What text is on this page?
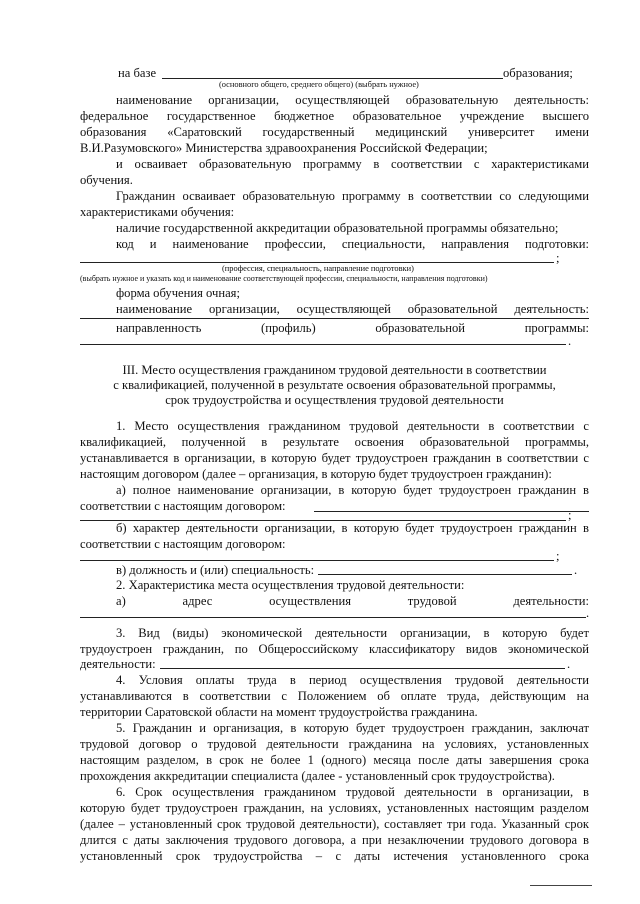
на базе	образования;
(основного общего, среднего общего) (выбрать нужное)
наименование организации, осуществляющей образовательную деятельность:
федеральное государственное бюджетное образовательное учреждение высшего
образования «Саратовский государственный медицинский университет имени
В.И.Разумовского» Министерства здравоохранения Российской Федерации;
и осваивает образовательную программу в соответствии с характеристиками
обучения.
Гражданин осваивает образовательную программу в соответствии со следующими
характеристиками обучения:
наличие государственной аккредитации образовательной программы обязательно;
код и наименование профессии, специальности, направления подготовки:
;
(профессия, специальность, направление подготовки)
(выбрать нужное и указать код и наименование соответствующей профессии, специальности, направления подготовки)
форма обучения очная;
наименование организации, осуществляющей образовательной деятельность:
направленность	(профиль)	образовательной	программы:
.
III. Место осуществления гражданином трудовой деятельности в соответствии
с квалификацией, полученной в результате освоения образовательной программы,
срок трудоустройства и осуществления трудовой деятельности
1. Место осуществления гражданином трудовой деятельности в соответствии с
квалификацией, полученной в результате освоения образовательной программы,
устанавливается в организации, в которую будет трудоустроен гражданин в соответствии с
настоящим договором (далее – организация, в которую будет трудоустроен гражданин):
а) полное наименование организации, в которую будет трудоустроен гражданин в
соответствии с настоящим договором:
;
б) характер деятельности организации, в которую будет трудоустроен гражданин в
соответствии с настоящим договором:
;
в) должность и (или) специальность:	.
2. Характеристика места осуществления трудовой деятельности:
а)	адрес	осуществления	трудовой	деятельности:
.
3. Вид (виды) экономической деятельности организации, в которую будет
трудоустроен гражданин, по Общероссийскому классификатору видов экономической
деятельности:	.
4. Условия оплаты труда в период осуществления трудовой деятельности
устанавливаются в соответствии с Положением об оплате труда, действующим на
территории Саратовской области на момент трудоустройства гражданина.
5. Гражданин и организация, в которую будет трудоустроен гражданин, заключат
трудовой договор о трудовой деятельности гражданина на условиях, установленных
настоящим разделом, в срок не более 1 (одного) месяца после даты завершения срока
прохождения аккредитации специалиста (далее - установленный срок трудоустройства).
6. Срок осуществления гражданином трудовой деятельности в организации, в
которую будет трудоустроен гражданин, на условиях, установленных настоящим разделом
(далее – установленный срок трудовой деятельности), составляет три года. Указанный срок
длится с даты заключения трудового договора, а при незаключении трудового договора в
установленный срок трудоустройства – с даты истечения установленного срока
